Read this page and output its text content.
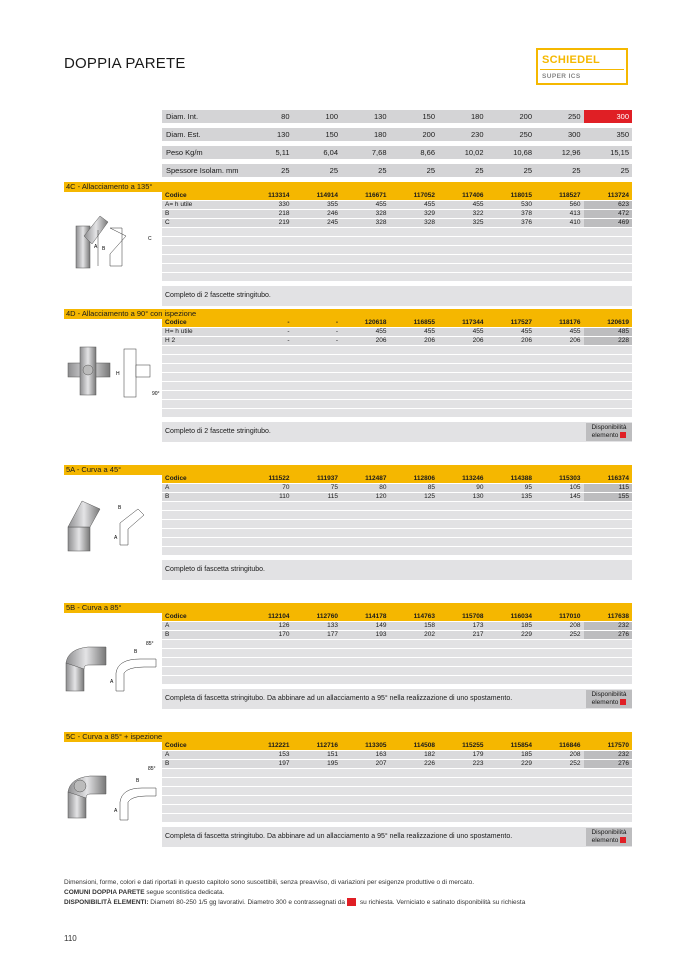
DOPPIA PARETE	SCHIEDEL
SUPER ICS
Diam. Int.	80	100	130	150	180	200	250	300
Diam. Est.	130	150	180	200	230	250	300	350
Peso Kg/m	5,11	6,04	7,68	8,66	10,02	10,68	12,96	15,15
Spessore Isolam. mm	25	25	25	25	25	25	25	25
4C - Allacciamento a 135°
Codice	113314	114914	116671	117052	117406	118015	118527	113724
A= h utile	330	355	455	455	455	530	560	623
B	218	246	328	329	322	378	413	472
C	219	245	328	328	325	376	410	469
Completo di 2 fascette stringitubo.
A B
C
4D - Allacciamento a 90° con ispezione
Codice	-	-	120618	116855	117344	117527	118176	120619
H= h utile	-	-	455	455	455	455	455	485
H 2	-	-	206	206	206	206	206	228
Completo di 2 fascette stringitubo.
Disponibilità elemento
H
90°
5A - Curva a 45°
Codice	111522	111937	112487	112806	113246	114388	115303	116374
A	70	75	80	85	90	95	105	115
B	110	115	120	125	130	135	145	155
Completo di fascetta stringitubo.
A
B
5B - Curva a 85°
Codice	112104	112760	114178	114763	115708	116034	117010	117638
A	126	133	149	158	173	185	208	232
B	170	177	193	202	217	229	252	276
Completa di fascetta stringitubo. Da abbinare ad un allacciamento a 95° nella realizzazione di uno spostamento.
Disponibilità elemento
A
B
85°
5C - Curva a 85° + ispezione
Codice	112221	112716	113305	114508	115255	115854	116846	117570
A	153	151	163	182	179	185	208	232
B	197	195	207	226	223	229	252	276
Completa di fascetta stringitubo. Da abbinare ad un allacciamento a 95° nella realizzazione di uno spostamento.
Disponibilità elemento
A
B
85°
Dimensioni, forme, colori e dati riportati in questo capitolo sono suscettibili, senza preavviso, di variazioni per esigenze produttive o di mercato.
COMUNI DOPPIA PARETE segue scontistica dedicata.
DISPONIBILITÀ ELEMENTI: Diametri 80-250 1/5 gg lavorativi. Diametro 300 e contrassegnati da su richiesta. Verniciato e satinato disponibilità su richiesta
110
